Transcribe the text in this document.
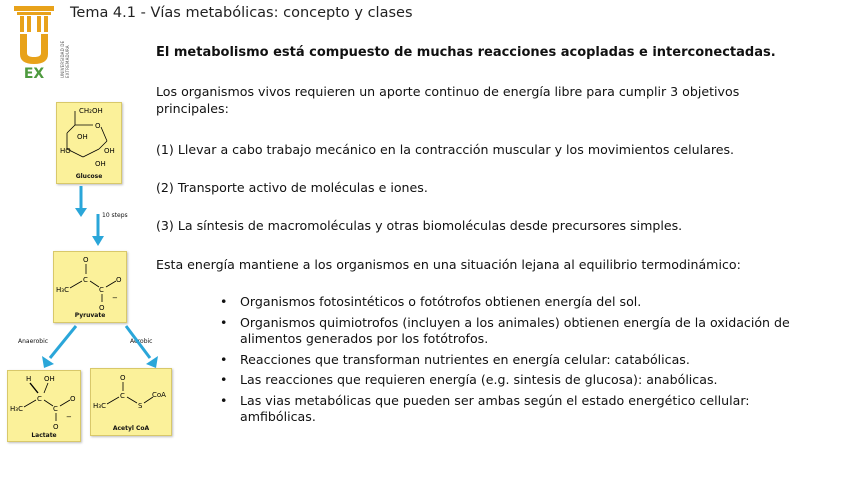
EX	UNIVERSIDAD DE EXTREMADURA
Tema 4.1 - Vías metabólicas: concepto y clases
El metabolismo está compuesto de muchas reacciones acopladas e interconectadas.
Los organismos vivos requieren un aporte continuo de energía libre para cumplir 3 objetivos principales:
(1) Llevar a cabo trabajo mecánico en la contracción muscular y los movimientos celulares.
(2) Transporte activo de moléculas e iones.
(3) La síntesis de macromoléculas y otras biomoléculas desde precursores simples.
Esta energía mantiene a los organismos en una situación lejana al equilibrio termodinámico:
• Organismos fotosintéticos o fotótrofos obtienen energía del sol.
• Organismos quimiotrofos (incluyen a los animales) obtienen energía de la oxidación de alimentos generados por los fotótrofos.
• Reacciones que transforman nutrientes en energía celular: catabólicas.
• Las reacciones que requieren energía (e.g. sintesis de glucosa): anabólicas.
• Las vias metabólicas que pueden ser ambas según el estado energético cellular: amfibólicas.
CH₂OH
O
OH
HO	OH
OH
Glucose
10 steps
O
C
H₃C	C
O
O
−
Pyruvate
Anaerobic	Aerobic
H OH
C
H₃C	C
O
O
−
Lactate
O
C
H₃C	S
CoA
Acetyl CoA
